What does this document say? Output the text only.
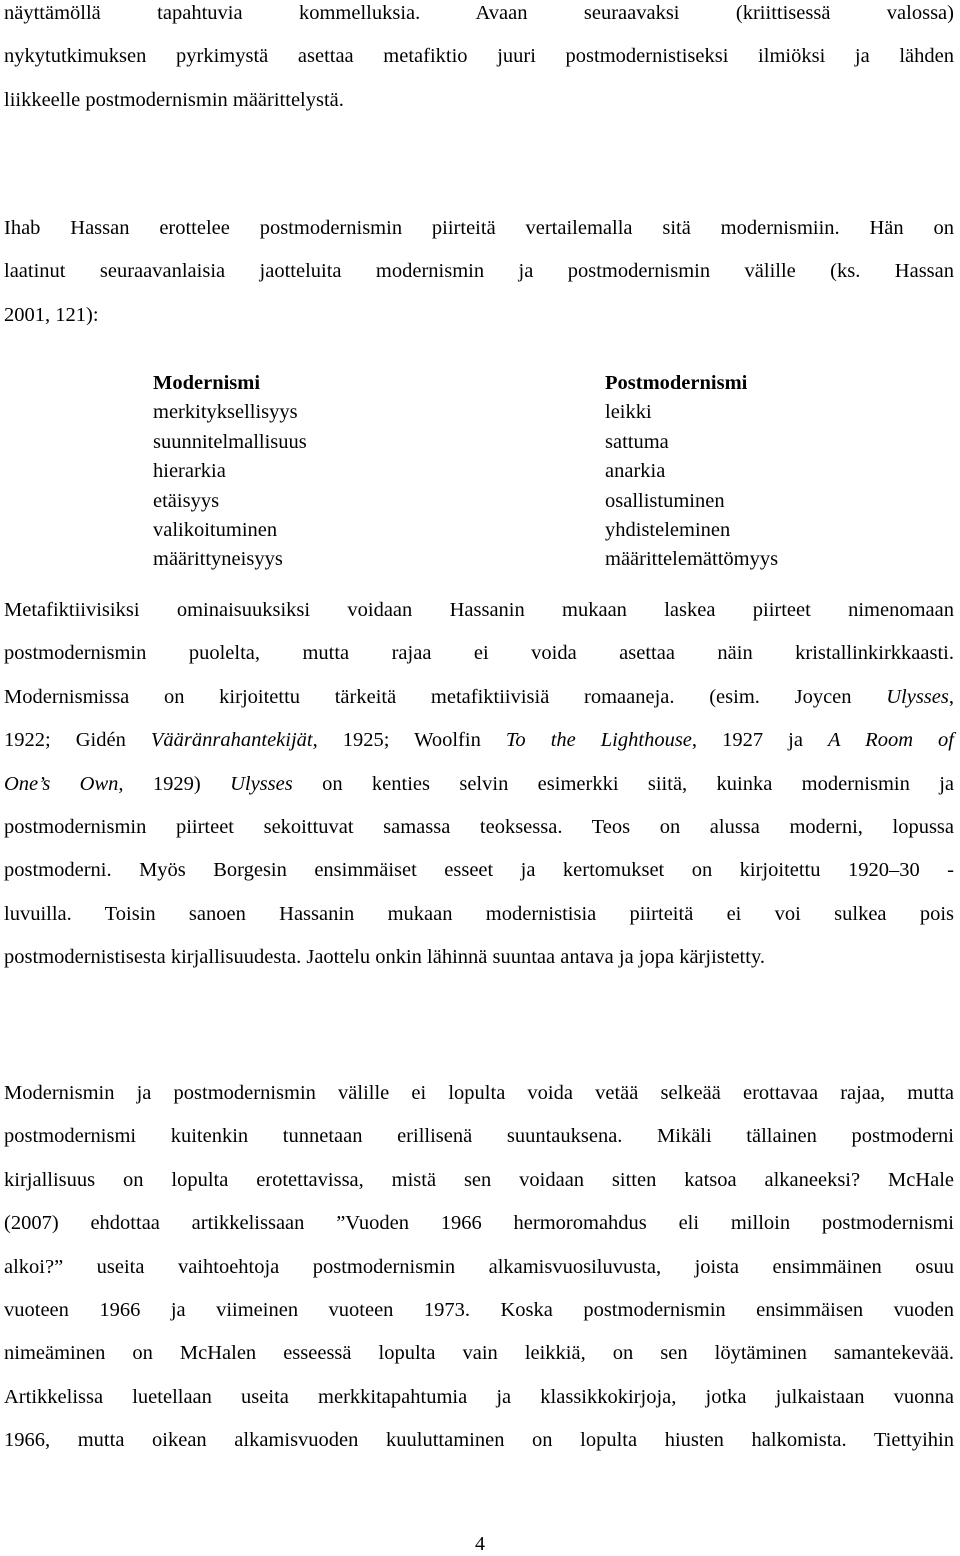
näyttämöllä tapahtuvia kommelluksia. Avaan seuraavaksi (kriittisessä valossa)
nykytutkimuksen pyrkimystä asettaa metafiktio juuri postmodernistiseksi ilmiöksi ja lähden
liikkeelle postmodernismin määrittelystä.
Ihab Hassan erottelee postmodernismin piirteitä vertailemalla sitä modernismiin. Hän on
laatinut seuraavanlaisia jaotteluita modernismin ja postmodernismin välille (ks. Hassan
2001, 121):
Modernismi
merkityksellisyys
suunnitelmallisuus
hierarkia
etäisyys
valikoituminen
määrittyneisyys
Postmodernismi
leikki
sattuma
anarkia
osallistuminen
yhdisteleminen
määrittelemättömyys
Metafiktiivisiksi ominaisuuksiksi voidaan Hassanin mukaan laskea piirteet nimenomaan
postmodernismin puolelta, mutta rajaa ei voida asettaa näin kristallinkirkkaasti.
Modernismissa on kirjoitettu tärkeitä metafiktiivisiä romaaneja. (esim. Joycen Ulysses,
1922; Gidén Vääränrahantekijät, 1925; Woolfin To the Lighthouse, 1927 ja A Room of
One’s Own, 1929) Ulysses on kenties selvin esimerkki siitä, kuinka modernismin ja
postmodernismin piirteet sekoittuvat samassa teoksessa. Teos on alussa moderni, lopussa
postmoderni. Myös Borgesin ensimmäiset esseet ja kertomukset on kirjoitettu 1920–30 -
luvuilla. Toisin sanoen Hassanin mukaan modernistisia piirteitä ei voi sulkea pois
postmodernistisesta kirjallisuudesta. Jaottelu onkin lähinnä suuntaa antava ja jopa kärjistetty.
Modernismin ja postmodernismin välille ei lopulta voida vetää selkeää erottavaa rajaa, mutta
postmodernismi kuitenkin tunnetaan erillisenä suuntauksena. Mikäli tällainen postmoderni
kirjallisuus on lopulta erotettavissa, mistä sen voidaan sitten katsoa alkaneeksi? McHale
(2007) ehdottaa artikkelissaan ”Vuoden 1966 hermoromahdus eli milloin postmodernismi
alkoi?” useita vaihtoehtoja postmodernismin alkamisvuosiluvusta, joista ensimmäinen osuu
vuoteen 1966 ja viimeinen vuoteen 1973. Koska postmodernismin ensimmäisen vuoden
nimeäminen on McHalen esseessä lopulta vain leikkiä, on sen löytäminen samantekevää.
Artikkelissa luetellaan useita merkkitapahtumia ja klassikkokirjoja, jotka julkaistaan vuonna
1966, mutta oikean alkamisvuoden kuuluttaminen on lopulta hiusten halkomista. Tiettyihin
4
